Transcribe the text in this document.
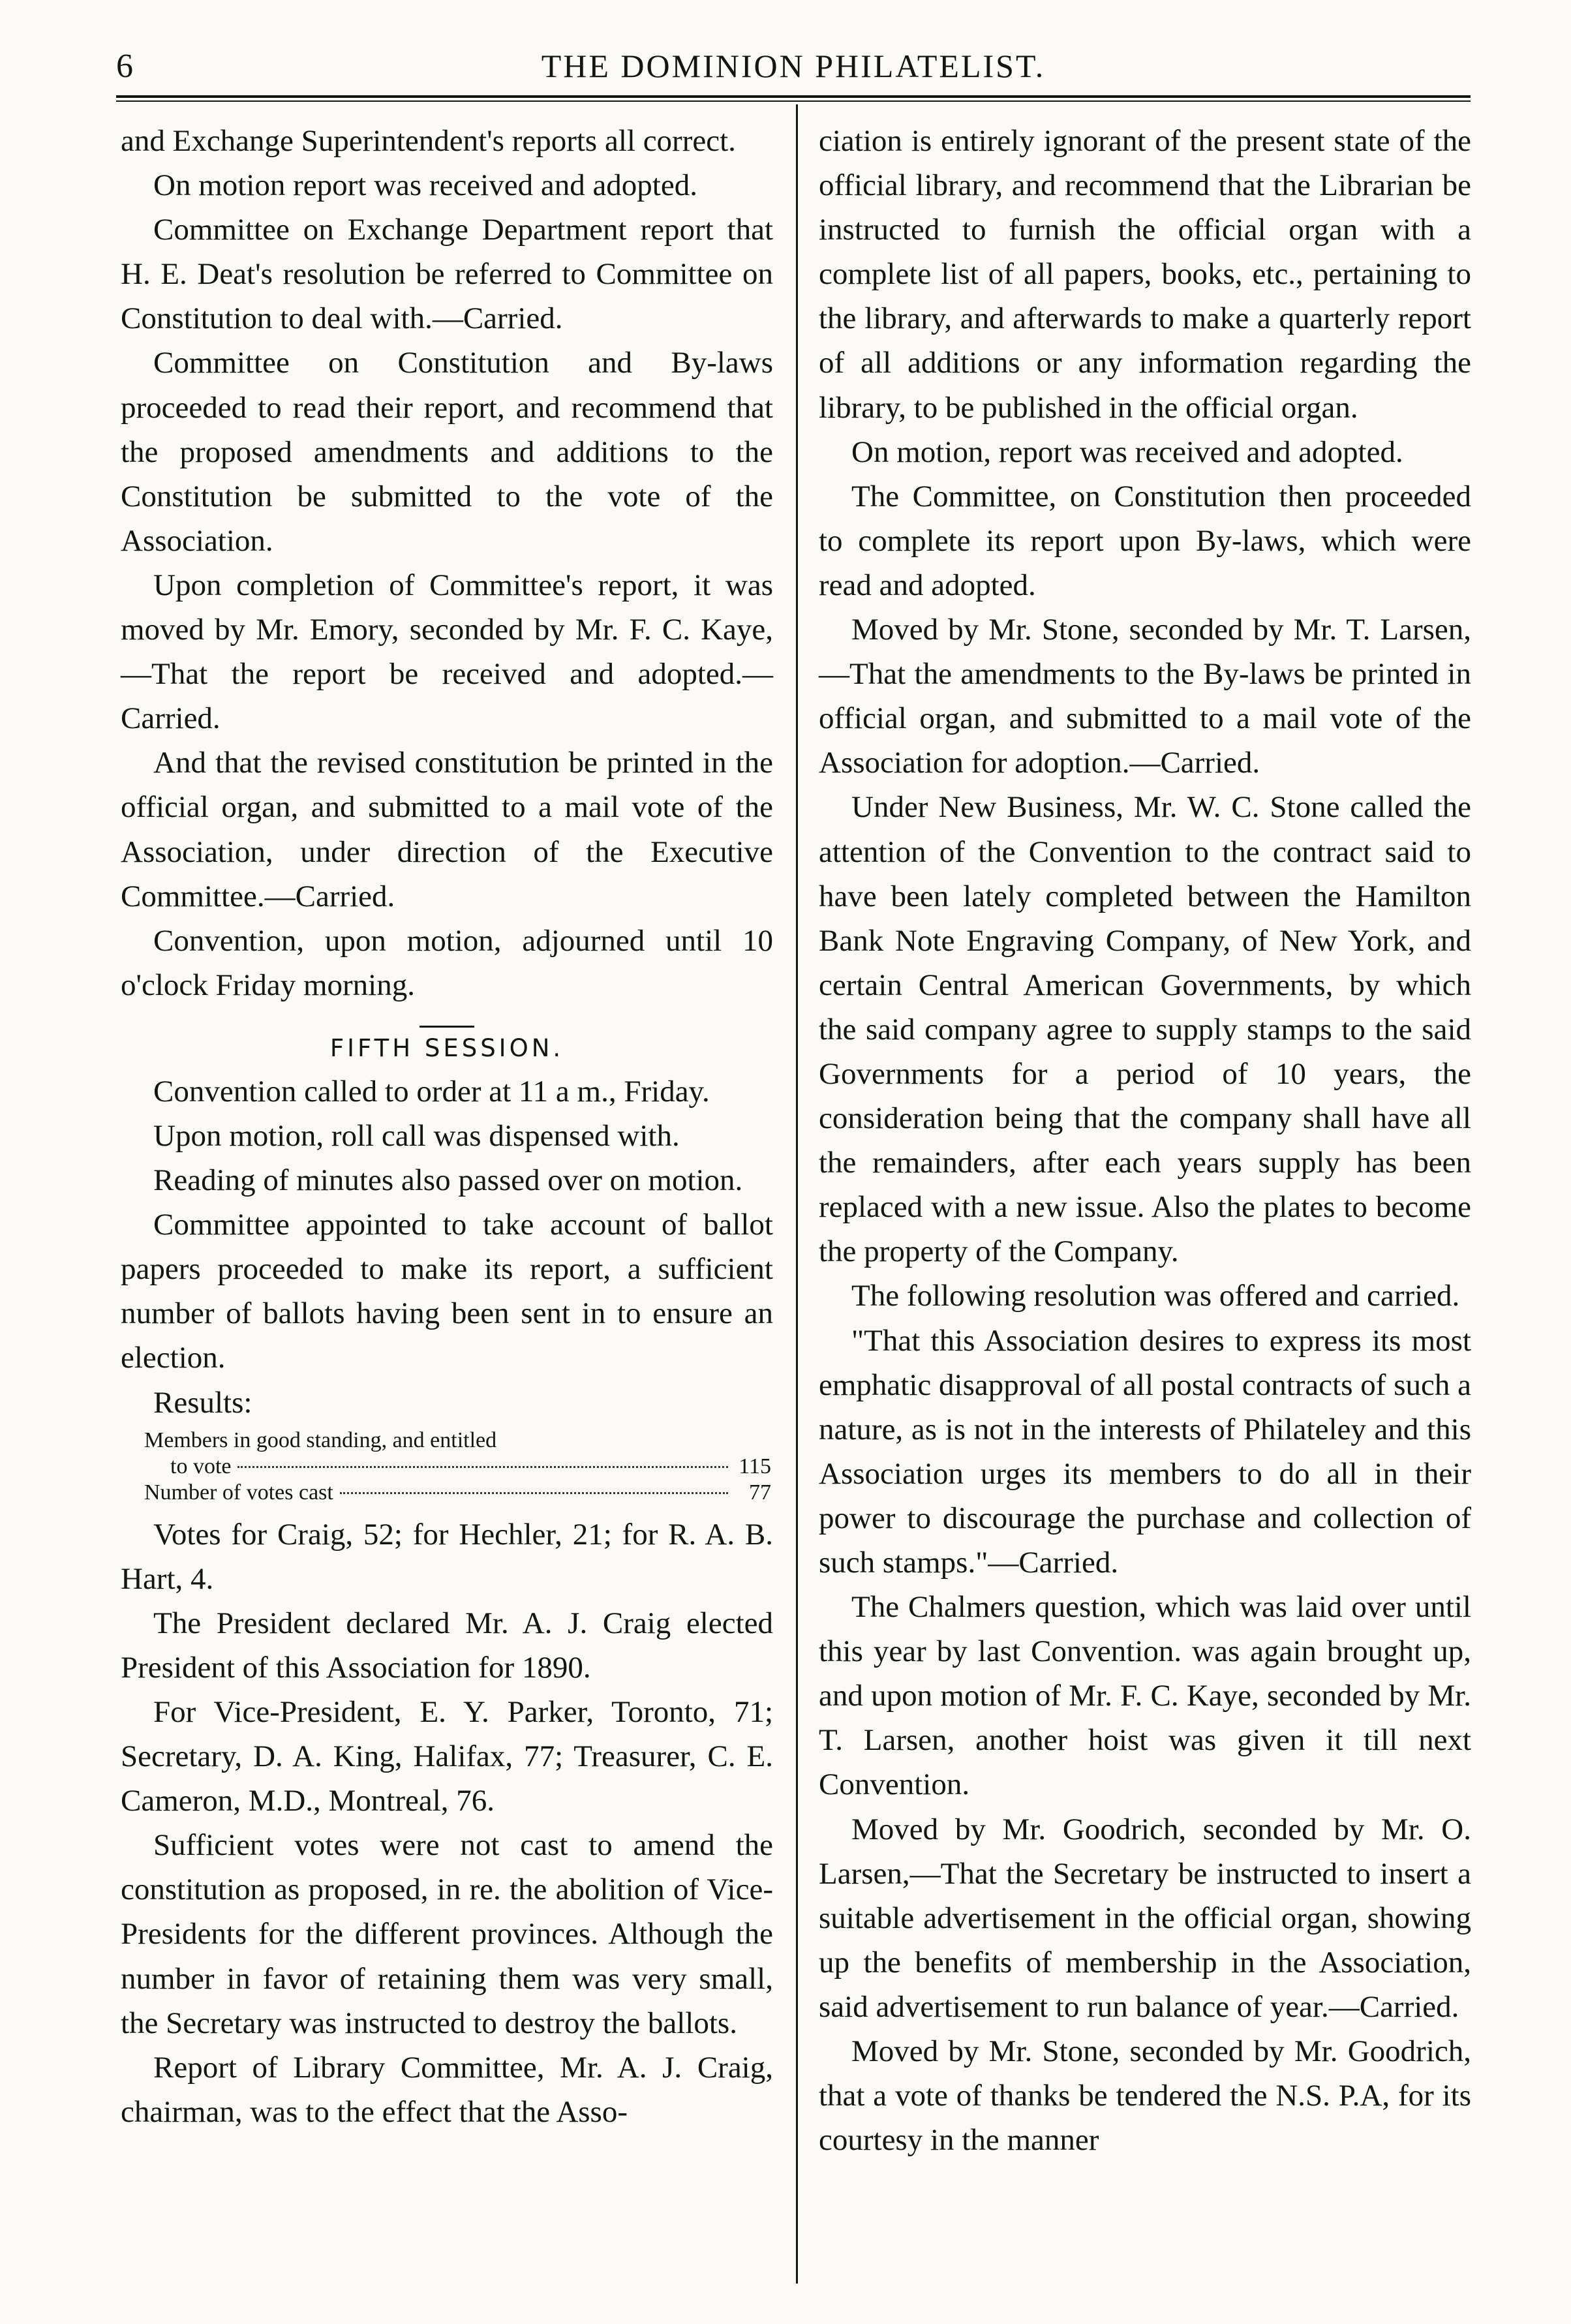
6	THE DOMINION PHILATELIST.

and Exchange Superintendent's reports all correct.

On motion report was received and adopted.

Committee on Exchange Department report that H. E. Deat's resolution be referred to Committee on Constitution to deal with.—Carried.

Committee on Constitution and By-laws proceeded to read their report, and recommend that the proposed amendments and additions to the Constitution be submitted to the vote of the Association.

Upon completion of Committee's report, it was moved by Mr. Emory, seconded by Mr. F. C. Kaye,—That the report be received and adopted.—Carried.

And that the revised constitution be printed in the official organ, and submitted to a mail vote of the Association, under direction of the Executive Committee.—Carried.

Convention, upon motion, adjourned until 10 o'clock Friday morning.

FIFTH SESSION.

Convention called to order at 11 a m., Friday.

Upon motion, roll call was dispensed with.

Reading of minutes also passed over on motion.

Committee appointed to take account of ballot papers proceeded to make its report, a sufficient number of ballots having been sent in to ensure an election.

Results:

Members in good standing, and entitled
to vote	115
Number of votes cast	77

Votes for Craig, 52; for Hechler, 21; for R. A. B. Hart, 4.

The President declared Mr. A. J. Craig elected President of this Association for 1890.

For Vice-President, E. Y. Parker, Toronto, 71; Secretary, D. A. King, Halifax, 77; Treasurer, C. E. Cameron, M.D., Montreal, 76.

Sufficient votes were not cast to amend the constitution as proposed, in re. the abolition of Vice-Presidents for the different provinces. Although the number in favor of retaining them was very small, the Secretary was instructed to destroy the ballots.

Report of Library Committee, Mr. A. J. Craig, chairman, was to the effect that the Asso-

ciation is entirely ignorant of the present state of the official library, and recommend that the Librarian be instructed to furnish the official organ with a complete list of all papers, books, etc., pertaining to the library, and afterwards to make a quarterly report of all additions or any information regarding the library, to be published in the official organ.

On motion, report was received and adopted.

The Committee, on Constitution then proceeded to complete its report upon By-laws, which were read and adopted.

Moved by Mr. Stone, seconded by Mr. T. Larsen,—That the amendments to the By-laws be printed in official organ, and submitted to a mail vote of the Association for adoption.—Carried.

Under New Business, Mr. W. C. Stone called the attention of the Convention to the contract said to have been lately completed between the Hamilton Bank Note Engraving Company, of New York, and certain Central American Governments, by which the said company agree to supply stamps to the said Governments for a period of 10 years, the consideration being that the company shall have all the remainders, after each years supply has been replaced with a new issue. Also the plates to become the property of the Company.

The following resolution was offered and carried.

"That this Association desires to express its most emphatic disapproval of all postal contracts of such a nature, as is not in the interests of Philateley and this Association urges its members to do all in their power to discourage the purchase and collection of such stamps."—Carried.

The Chalmers question, which was laid over until this year by last Convention. was again brought up, and upon motion of Mr. F. C. Kaye, seconded by Mr. T. Larsen, another hoist was given it till next Convention.

Moved by Mr. Goodrich, seconded by Mr. O. Larsen,—That the Secretary be instructed to insert a suitable advertisement in the official organ, showing up the benefits of membership in the Association, said advertisement to run balance of year.—Carried.

Moved by Mr. Stone, seconded by Mr. Goodrich, that a vote of thanks be tendered the N.S. P.A, for its courtesy in the manner
